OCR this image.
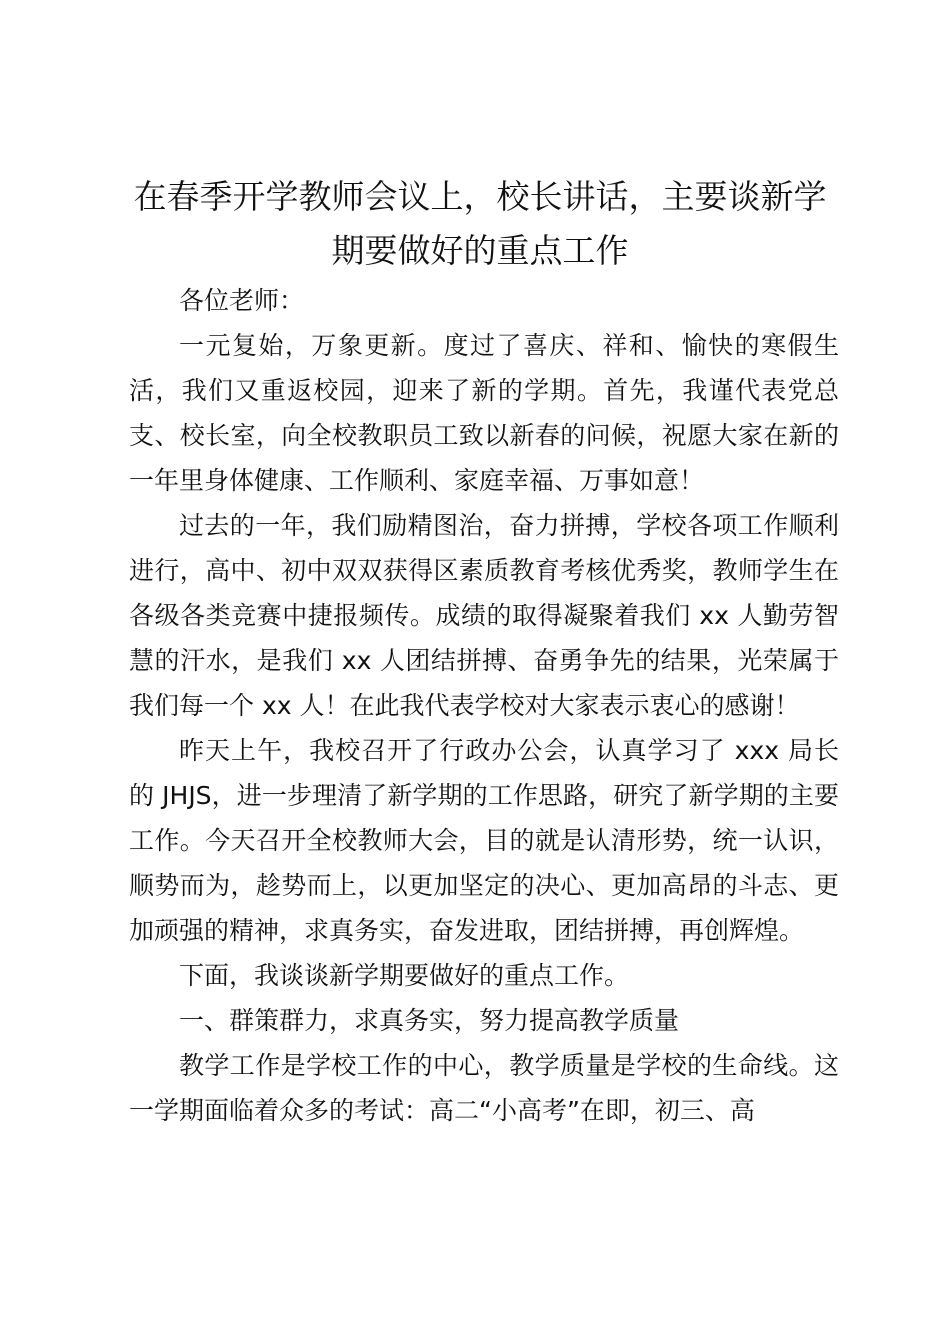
在春季开学教师会议上，校长讲话，主要谈新学期要做好的重点工作

各位老师：

一元复始，万象更新。度过了喜庆、祥和、愉快的寒假生活，我们又重返校园，迎来了新的学期。首先，我谨代表党总支、校长室，向全校教职员工致以新春的问候，祝愿大家在新的一年里身体健康、工作顺利、家庭幸福、万事如意！

过去的一年，我们励精图治，奋力拼搏，学校各项工作顺利进行，高中、初中双双获得区素质教育考核优秀奖，教师学生在各级各类竞赛中捷报频传。成绩的取得凝聚着我们 xx 人勤劳智慧的汗水，是我们 xx 人团结拼搏、奋勇争先的结果，光荣属于我们每一个 xx 人！在此我代表学校对大家表示衷心的感谢！

昨天上午，我校召开了行政办公会，认真学习了 xxx 局长的 JHJS，进一步理清了新学期的工作思路，研究了新学期的主要工作。今天召开全校教师大会，目的就是认清形势，统一认识，顺势而为，趁势而上，以更加坚定的决心、更加高昂的斗志、更加顽强的精神，求真务实，奋发进取，团结拼搏，再创辉煌。

下面，我谈谈新学期要做好的重点工作。

一、群策群力，求真务实，努力提高教学质量

教学工作是学校工作的中心，教学质量是学校的生命线。这一学期面临着众多的考试：高二“小高考”在即，初三、高
